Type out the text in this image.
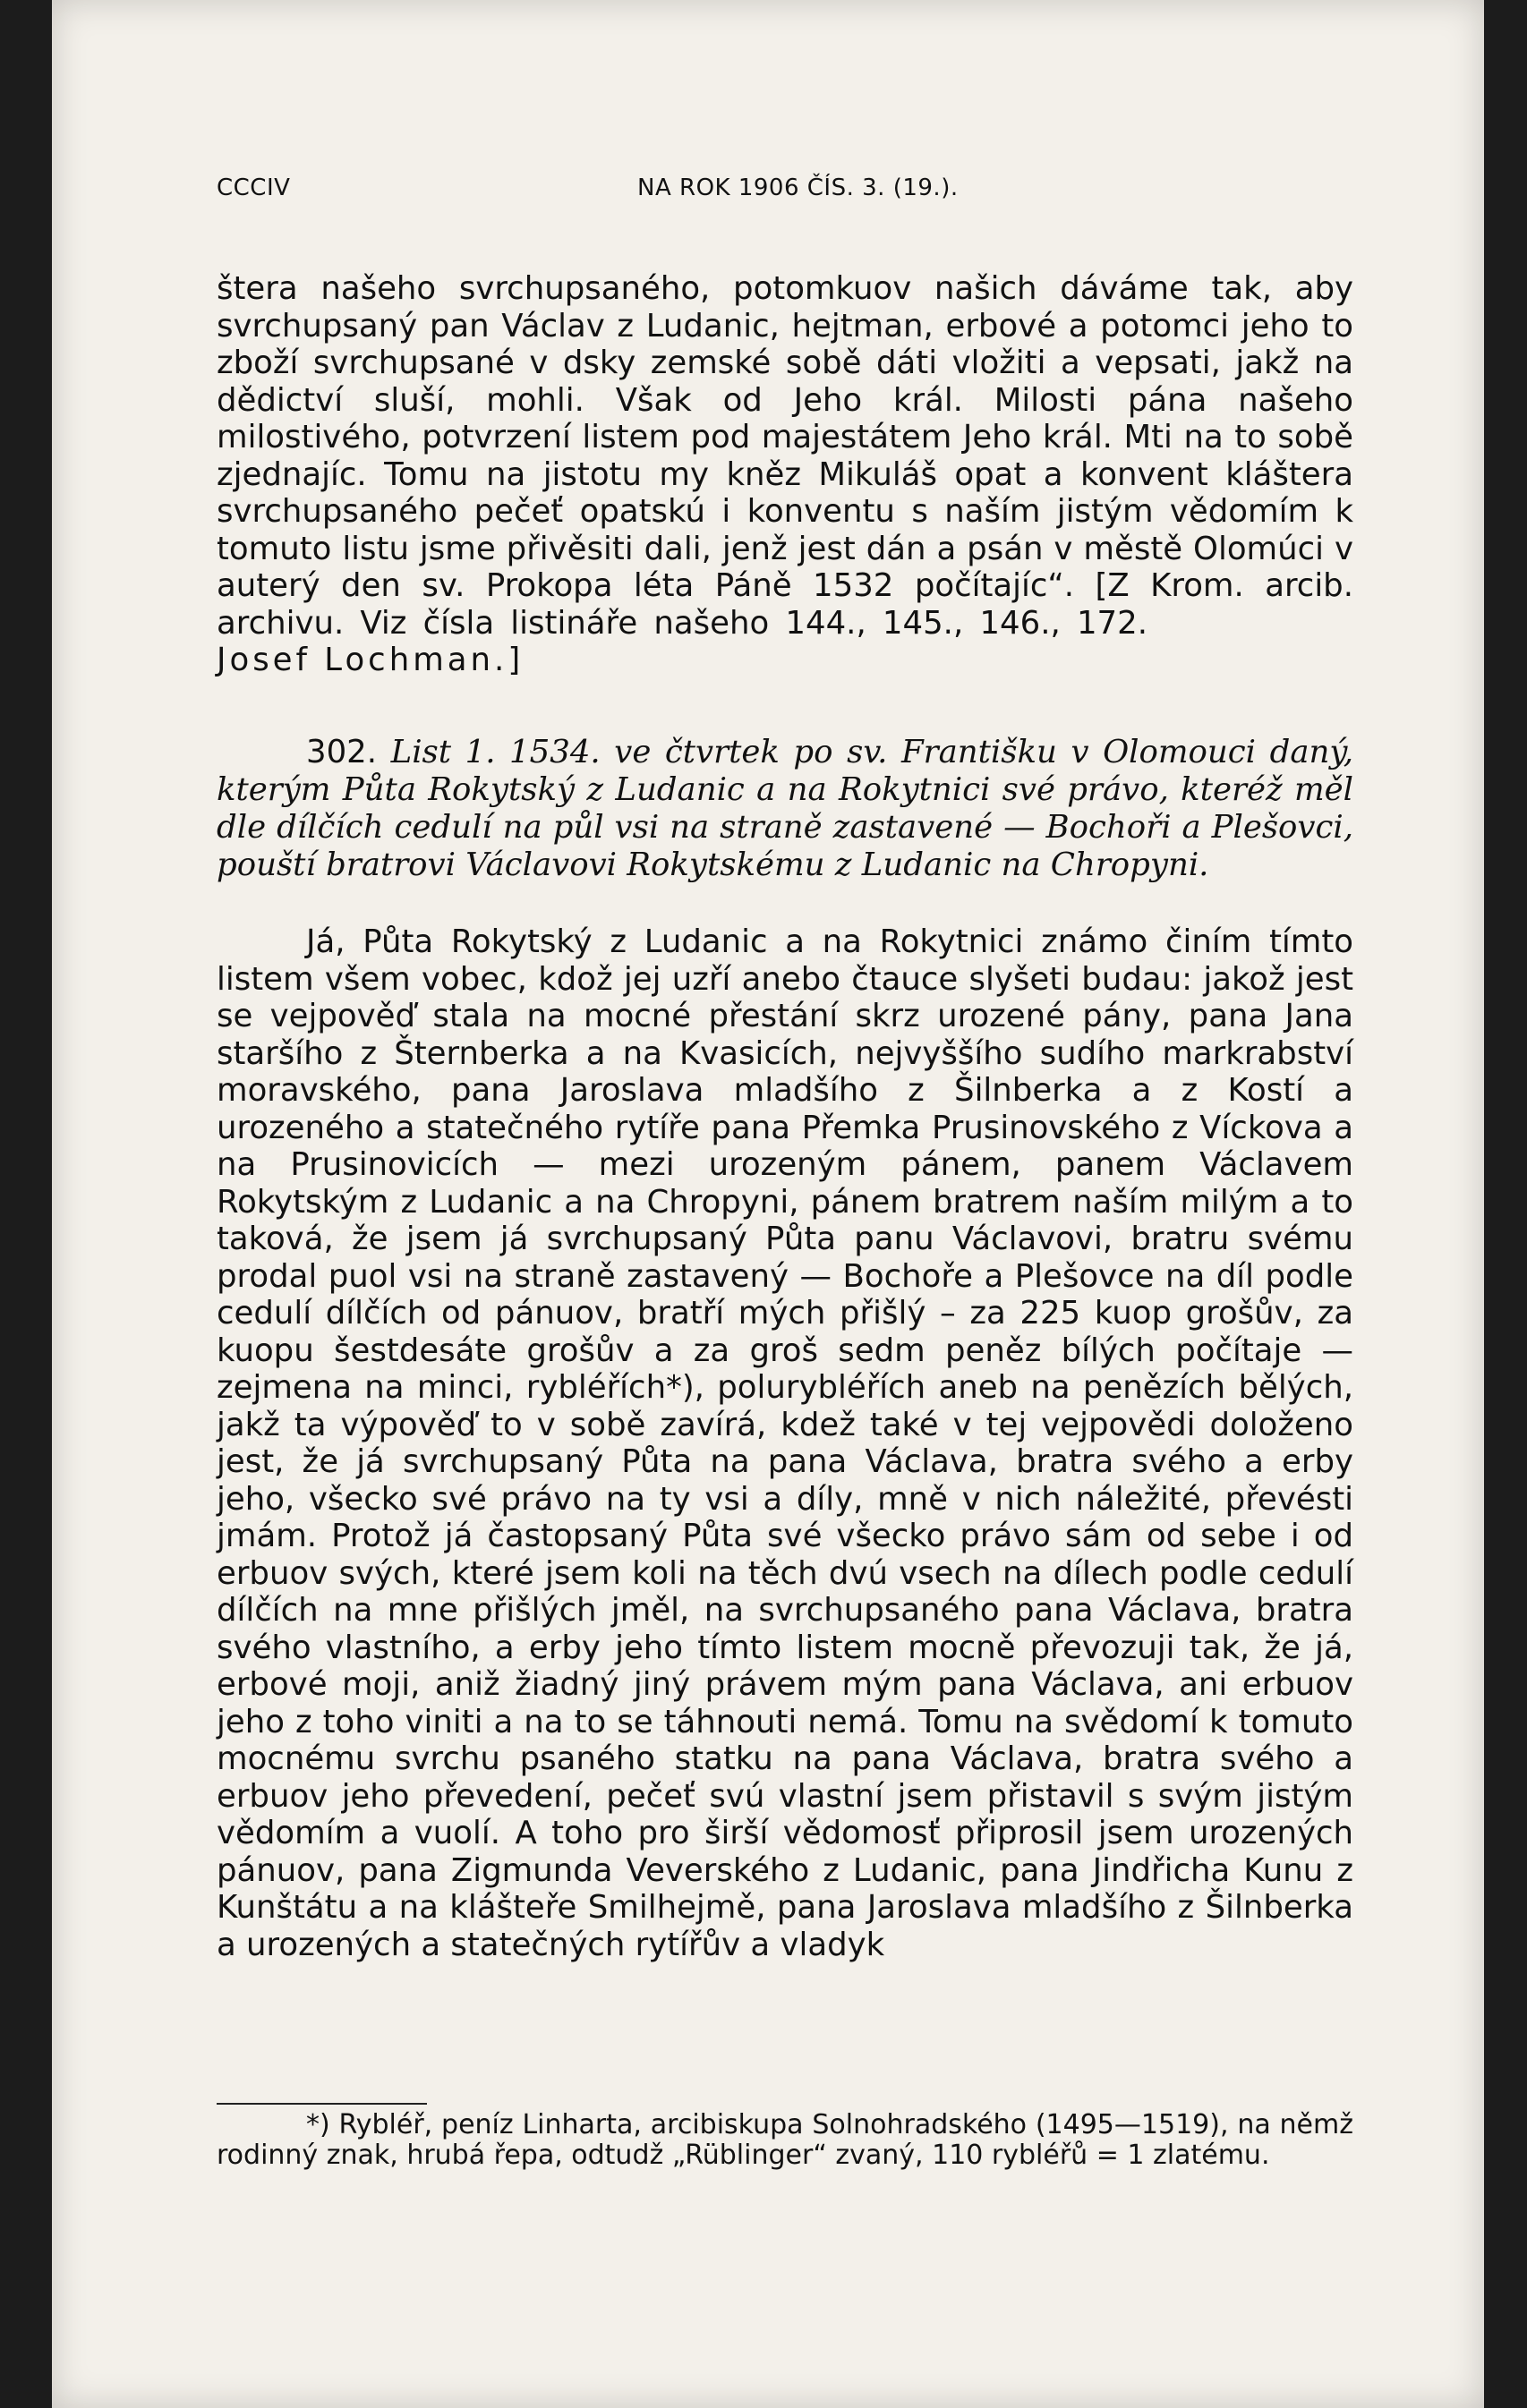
CCCIV	NA ROK 1906 ČÍS. 3. (19.).

štera našeho svrchupsaného, potomkuov našich dáváme tak, aby svrchupsaný pan Václav z Ludanic, hejtman, erbové a potomci jeho to zboží svrchupsané v dsky zemské sobě dáti vložiti a vepsati, jakž na dědictví sluší, mohli. Však od Jeho král. Milosti pána našeho milostivého, potvrzení listem pod majestátem Jeho král. Mti na to sobě zjednajíc. Tomu na jistotu my kněz Mikuláš opat a konvent kláštera svrchupsaného pečeť opatskú i konventu s naším jistým vědomím k tomuto listu jsme přivěsiti dali, jenž jest dán a psán v městě Olomúci v auterý den sv. Prokopa léta Páně 1532 počítajíc“. [Z Krom. arcib. archivu. Viz čísla listináře našeho 144., 145., 146., 172.Josef Lochman.]

302. List 1. 1534. ve čtvrtek po sv. Františku v Olomouci daný, kterým Půta Rokytský z Ludanic a na Rokytnici své právo, kteréž měl dle dílčích cedulí na půl vsi na straně zastavené — Bochoři a Plešovci, pouští bratrovi Václavovi Rokytskému z Ludanic na Chropyni.

Já, Půta Rokytský z Ludanic a na Rokytnici známo činím tímto listem všem vobec, kdož jej uzří anebo čtauce slyšeti budau: jakož jest se vejpověď stala na mocné přestání skrz urozené pány, pana Jana staršího z Šternberka a na Kvasicích, nejvyššího sudího markrabství moravského, pana Jaroslava mladšího z Šilnberka a z Kostí a urozeného a statečného rytíře pana Přemka Prusinovského z Víckova a na Prusinovicích — mezi urozeným pánem, panem Václavem Rokytským z Ludanic a na Chropyni, pánem bratrem naším milým a to taková, že jsem já svrchupsaný Půta panu Václavovi, bratru svému prodal puol vsi na straně zastavený — Bochoře a Plešovce na díl podle cedulí dílčích od pánuov, bratří mých přišlý – za 225 kuop grošův, za kuopu šestdesáte grošův a za groš sedm peněz bílých počítaje — zejmena na minci, rybléřích*), polurybléřích aneb na penězích bělých, jakž ta výpověď to v sobě zavírá, kdež také v tej vejpovědi doloženo jest, že já svrchupsaný Půta na pana Václava, bratra svého a erby jeho, všecko své právo na ty vsi a díly, mně v nich náležité, převésti jmám. Protož já častopsaný Půta své všecko právo sám od sebe i od erbuov svých, které jsem koli na těch dvú vsech na dílech podle cedulí dílčích na mne přišlých jměl, na svrchupsaného pana Václava, bratra svého vlastního, a erby jeho tímto listem mocně převozuji tak, že já, erbové moji, aniž žiadný jiný právem mým pana Václava, ani erbuov jeho z toho viniti a na to se táhnouti nemá. Tomu na svědomí k tomuto mocnému svrchu psaného statku na pana Václava, bratra svého a erbuov jeho převedení, pečeť svú vlastní jsem přistavil s svým jistým vědomím a vuolí. A toho pro širší vědomosť připrosil jsem urozených pánuov, pana Zigmunda Veverského z Ludanic, pana Jindřicha Kunu z Kunštátu a na klášteře Smilhejmě, pana Jaroslava mladšího z Šilnberka a urozených a statečných rytířův a vladyk

*) Rybléř, peníz Linharta, arcibiskupa Solnohradského (1495—1519), na němž rodinný znak, hrubá řepa, odtudž „Rüblinger“ zvaný, 110 rybléřů = 1 zlatému.
